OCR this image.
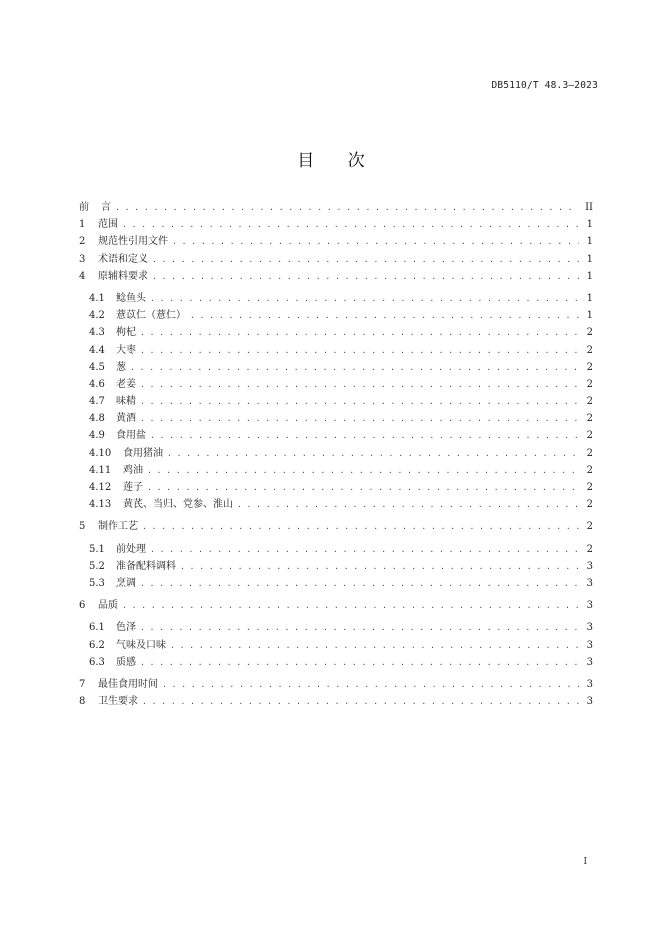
DB5110/T 48.3—2023
目 次
前	言 . . .	II
1	范围 . . .	1
2	规范性引用文件 . . .	1
3	术语和定义 . . .	1
4	原辅料要求 . . .	1
4.1	鲶鱼头 . . .	1
4.2	薏苡仁（薏仁） . . .	1
4.3	枸杞 . . .	2
4.4	大枣 . . .	2
4.5	葱 . . .	2
4.6	老姜 . . .	2
4.7	味精 . . .	2
4.8	黄酒 . . .	2
4.9	食用盐 . . .	2
4.10	食用猪油 . . .	2
4.11	鸡油 . . .	2
4.12	莲子 . . .	2
4.13	黄芪、当归、党参、淮山 . . .	2
5	制作工艺 . . .	2
5.1	前处理 . . .	2
5.2	准备配料调料 . . .	3
5.3	烹调 . . .	3
6	品质 . . .	3
6.1	色泽 . . .	3
6.2	气味及口味 . . .	3
6.3	质感 . . .	3
7	最佳食用时间 . . .	3
8	卫生要求 . . .	3
I
